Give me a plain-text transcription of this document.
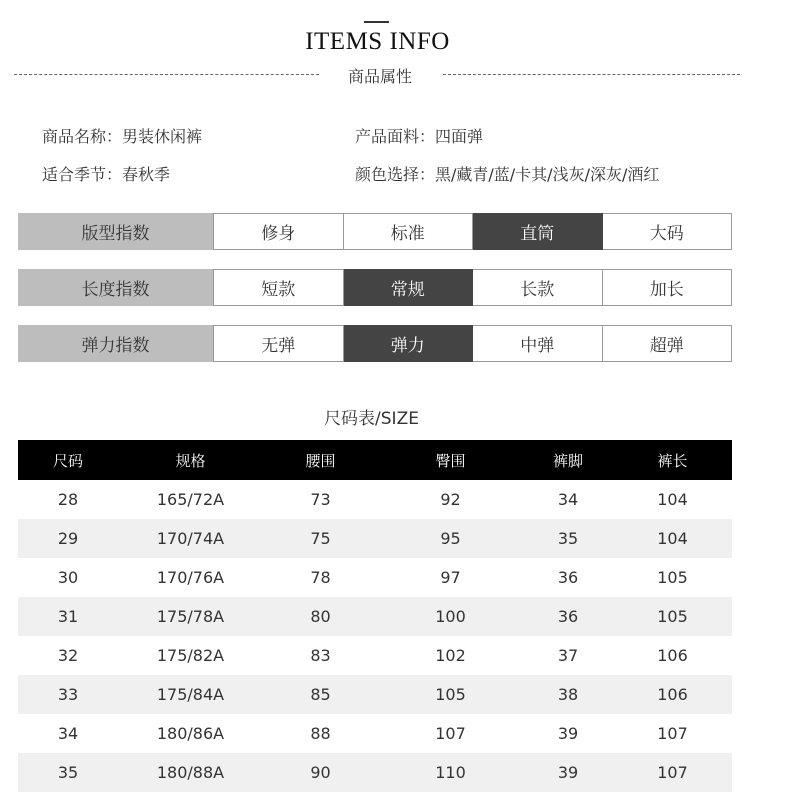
ITEMS INFO
商品属性
商品名称：男装休闲裤	产品面料：四面弹
适合季节：春秋季	颜色选择：黑/藏青/蓝/卡其/浅灰/深灰/酒红
版型指数	修身	标准	直筒	大码
长度指数	短款	常规	长款	加长
弹力指数	无弹	弹力	中弹	超弹
尺码表/SIZE
尺码	规格	腰围	臀围	裤脚	裤长
28	165/72A	73	92	34	104
29	170/74A	75	95	35	104
30	170/76A	78	97	36	105
31	175/78A	80	100	36	105
32	175/82A	83	102	37	106
33	175/84A	85	105	38	106
34	180/86A	88	107	39	107
35	180/88A	90	110	39	107
